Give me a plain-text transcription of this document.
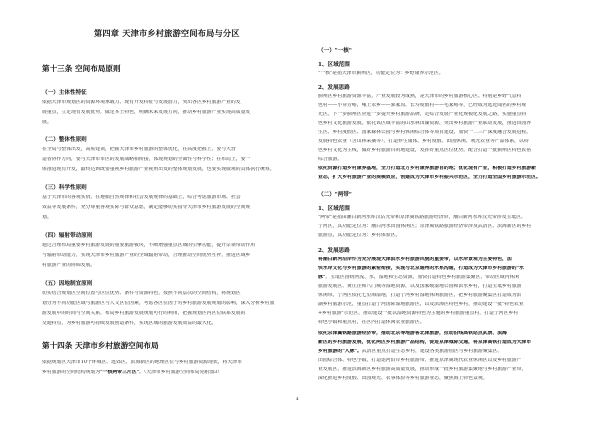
第四章 天津市乡村旅游空间布局与分区
第十三条 空间布局原则
（一）主体性特征
依据天津市规划区的资源环境承载力、现有开发特征与发展潜力，突出各区乡村旅游产业的发
展重点，立足现有发展优势，做足本土特色，明确未来发展方向，推动乡村旅游产业实现高质量发
展。
（二）整体性原则
在全局与整体出发，高屋建瓴，把握天津市乡村旅游的整体优化，在高度把握上，要与大营
造者协作方向，要与天津市市区的发展战略相衔接，体现规划的全面性与科学性；在布局上，要一
体推进现有开发，最终达到既要重视乡村旅游产业视角出发的整体规划发展，也要实现微观的具体执行统筹。
（三）科学性原则
基于天津市的客观实情，在遵循自然规律和社会发展规律的基础上，综合考虑旅游市场、社会
效益等发展条件，充分尊重客观实际与群众意愿，制定能够切实指导天津市乡村旅游发展的空间规
划。
（四）辐射带动原则
通过合理布局重要乡村旅游发展的重要旅游板块，不断增强重点区域的引擎功能，提升宗领带动作用
与辐射带动能力，实现天津市乡村旅游产业的全域辐射带动，合理推动空间优势互补，推进区域乡
村旅游产业的协调发展。
（五）因地制宜原则
切实结合规划区空间位置与区位优势、条件与资源特色，按照不同层次的空间结构，将规划区
划分为不同功能区域与旅游区与人文区位因素，考虑各区位因子对乡村旅游发展规划的影响，深入分析乡村旅
游发展中的时间与空间关系，布局乡村旅游发展规划可行的利用，把握规划区内区位联系发展的
交通特点，为乡村旅游可持续发展创造条件，实现区域的旅游发展效益的最大化。
第十四条 天津市乡村旅游空间布局
依据规划区天津市10个环城区、远郊区、滨海新区的地理区位与乡村旅游资源现状，将天津市
乡村旅游的空间结构规划为"一核两带三片区"。（天津市乡村旅游空间布局见附图3）
（一）"一核"
1、区域范围
"一核"是指天津市蓟州区，功能定位为：乡野康养示范区。
2、发展思路
蓟州区乡村旅游资源丰富，产业发展较为成熟，是天津市的乡村旅游核心区。特别是乡野气息特
色村——小穿芳峪、雍上永乡——郭家沟、长寿度假村——毛家峪等，已经成为远近闻名的乡村观
光区。下一步蓟州区应进一步提升乡村旅游品牌，走综合发展产业化规模化发展之路，实施重点特
色乡村文化旅游发展。依托该区域丰富的山水林田湖资源，突出乡村旅游产业联动发展，推进田园养
生区、乡村度假区、国家森林公园与乡村休闲综合体等项目建设，加快一二三产深度融合发展进程。
发展特色农业（含山林采摘等），打造养生康体、乡村度假、田园休闲、观光农业等产品体系，以特
色乡村文化为主线，做好乡村旅游目的地建设，发挥好重点区位优势，配合打造一批蓟州区特色民宿
综合旅游。
依托资源打造乡村康养基地，全力打造北方乡村康养旅游目的地；优化现有产业，积极打造乡村旅游新
业态，扩大乡村旅游产业的规模效应，创建成为天津市乡村振兴示范区，全力打造全国乡村旅游示范区。
（二）"两带"
1、区域范围
"两带"是指由潮白新河水库汉沽光带和京津冀铁路旅游经济带，潮白新河水库汉光带涉及宝坻区、
宁河区，其功能定位为：潮白河水田园休闲区；京津冀铁路旅游经济带涉及武清区、滨海新区的乡村
旅游点，其功能定位为：乡村体验区。
2、发展思路
将潮白新河沿岸作为充分展现天津滨水乡村旅游风貌的重要带，以水岸景观为主要特色，加
快水岸文化与乡村旅游的紧密衔接，实现与北京通州的水系沟通，打造成为天津市乡村旅游的"水
脉"。宝坻区围绕河流、水、湿地和生态资源，加快打造特色乡村旅游集聚区，带动区域内休闲
旅游发展区、黄庄洼和八门城等湿地资源，以及国家级湿地公园和滨水乡村，打造宝坻乡村旅游
休闲带。宁河区依托七里海湿地，打造宁河乡村湿地休闲旅游区，把乡村旅游聚集区打造成为滨
湖乡村旅游示范，重点打造宁河国际湿地旅游区，以及滨海区特色乡村，推动建设一批"特色农业
+乡村旅游"示范区，推动建设一批以湿地资源特色为主题的乡村旅游重点村，打造宁河区乡村
特色小镇和重点村，在区内打造休闲农业旅游区。
依托京津冀铁路旅游经济带，推动北京等地游客北津旅游，拉动沿线高铁站点武清、滨海
新区的乡村旅游发展，优化两区乡村旅游产品结构，促进京津城际交通，将京津高铁打造成为天津市
乡村旅游的"人脉"。武清区重点打造生态乡村，建设各类旅游园区与乡村旅游聚集区、
田园综合体、特色小镇，打造运河沿岸乡村旅游带，推进京津冀现代农业休闲区以及乡村旅游产
业发展区，推进滨海新区乡村旅游高质量发展，推动形成一批乡村旅游集聚地与乡村旅游产业带，
深化推进乡村度假、田园观光、农事体验等乡村旅游业态，聚焦海上特色景观。
4
